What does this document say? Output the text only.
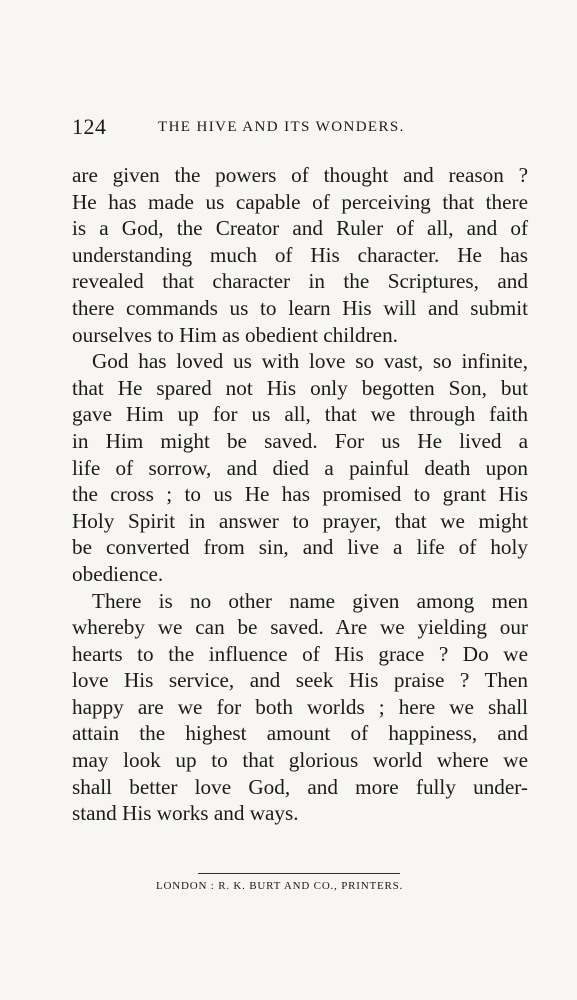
124	THE HIVE AND ITS WONDERS.
are given the powers of thought and reason ?
He has made us capable of perceiving that there
is a God, the Creator and Ruler of all, and of
understanding much of His character. He has
revealed that character in the Scriptures, and
there commands us to learn His will and submit
ourselves to Him as obedient children.
God has loved us with love so vast, so infinite,
that He spared not His only begotten Son, but
gave Him up for us all, that we through faith
in Him might be saved. For us He lived a
life of sorrow, and died a painful death upon
the cross ; to us He has promised to grant His
Holy Spirit in answer to prayer, that we might
be converted from sin, and live a life of holy
obedience.
There is no other name given among men
whereby we can be saved. Are we yielding our
hearts to the influence of His grace ? Do we
love His service, and seek His praise ? Then
happy are we for both worlds ; here we shall
attain the highest amount of happiness, and
may look up to that glorious world where we
shall better love God, and more fully under-
stand His works and ways.
LONDON : R. K. BURT AND CO., PRINTERS.
